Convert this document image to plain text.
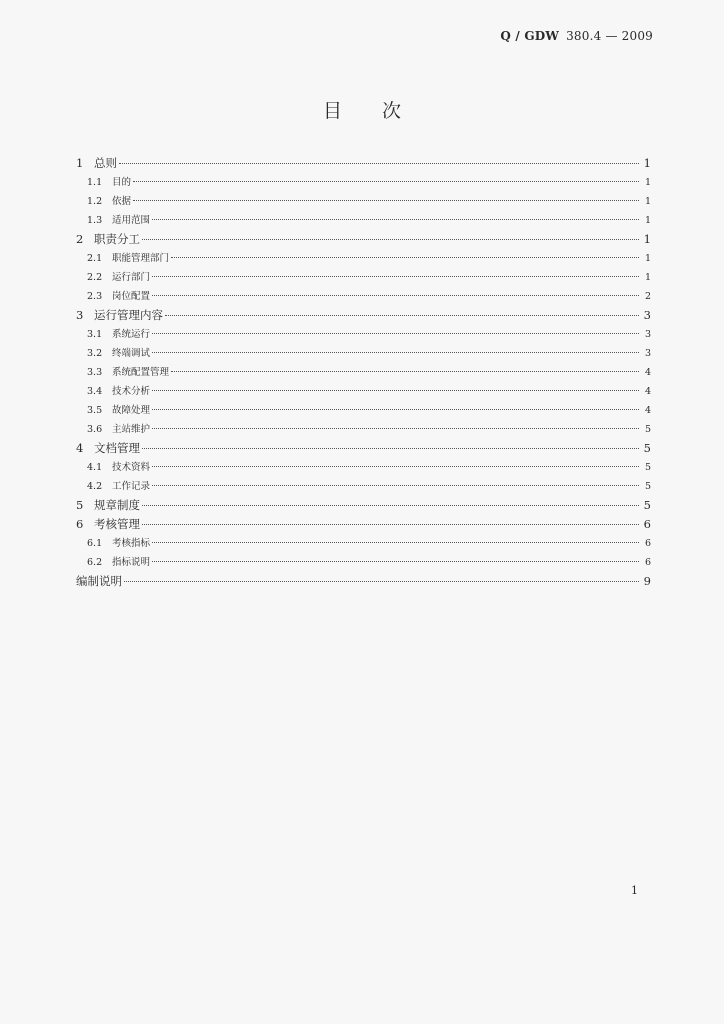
Q / GDW 380.4 — 2009
目次
1 总则	1
1.1	目的	1
1.2	依据	1
1.3	适用范围	1
2 职责分工	1
2.1	职能管理部门	1
2.2	运行部门	1
2.3	岗位配置	2
3 运行管理内容	3
3.1	系统运行	3
3.2	终端调试	3
3.3	系统配置管理	4
3.4	技术分析	4
3.5	故障处理	4
3.6	主站维护	5
4 文档管理	5
4.1	技术资料	5
4.2	工作记录	5
5 规章制度	5
6 考核管理	6
6.1	考核指标	6
6.2	指标说明	6
编制说明	9
1
